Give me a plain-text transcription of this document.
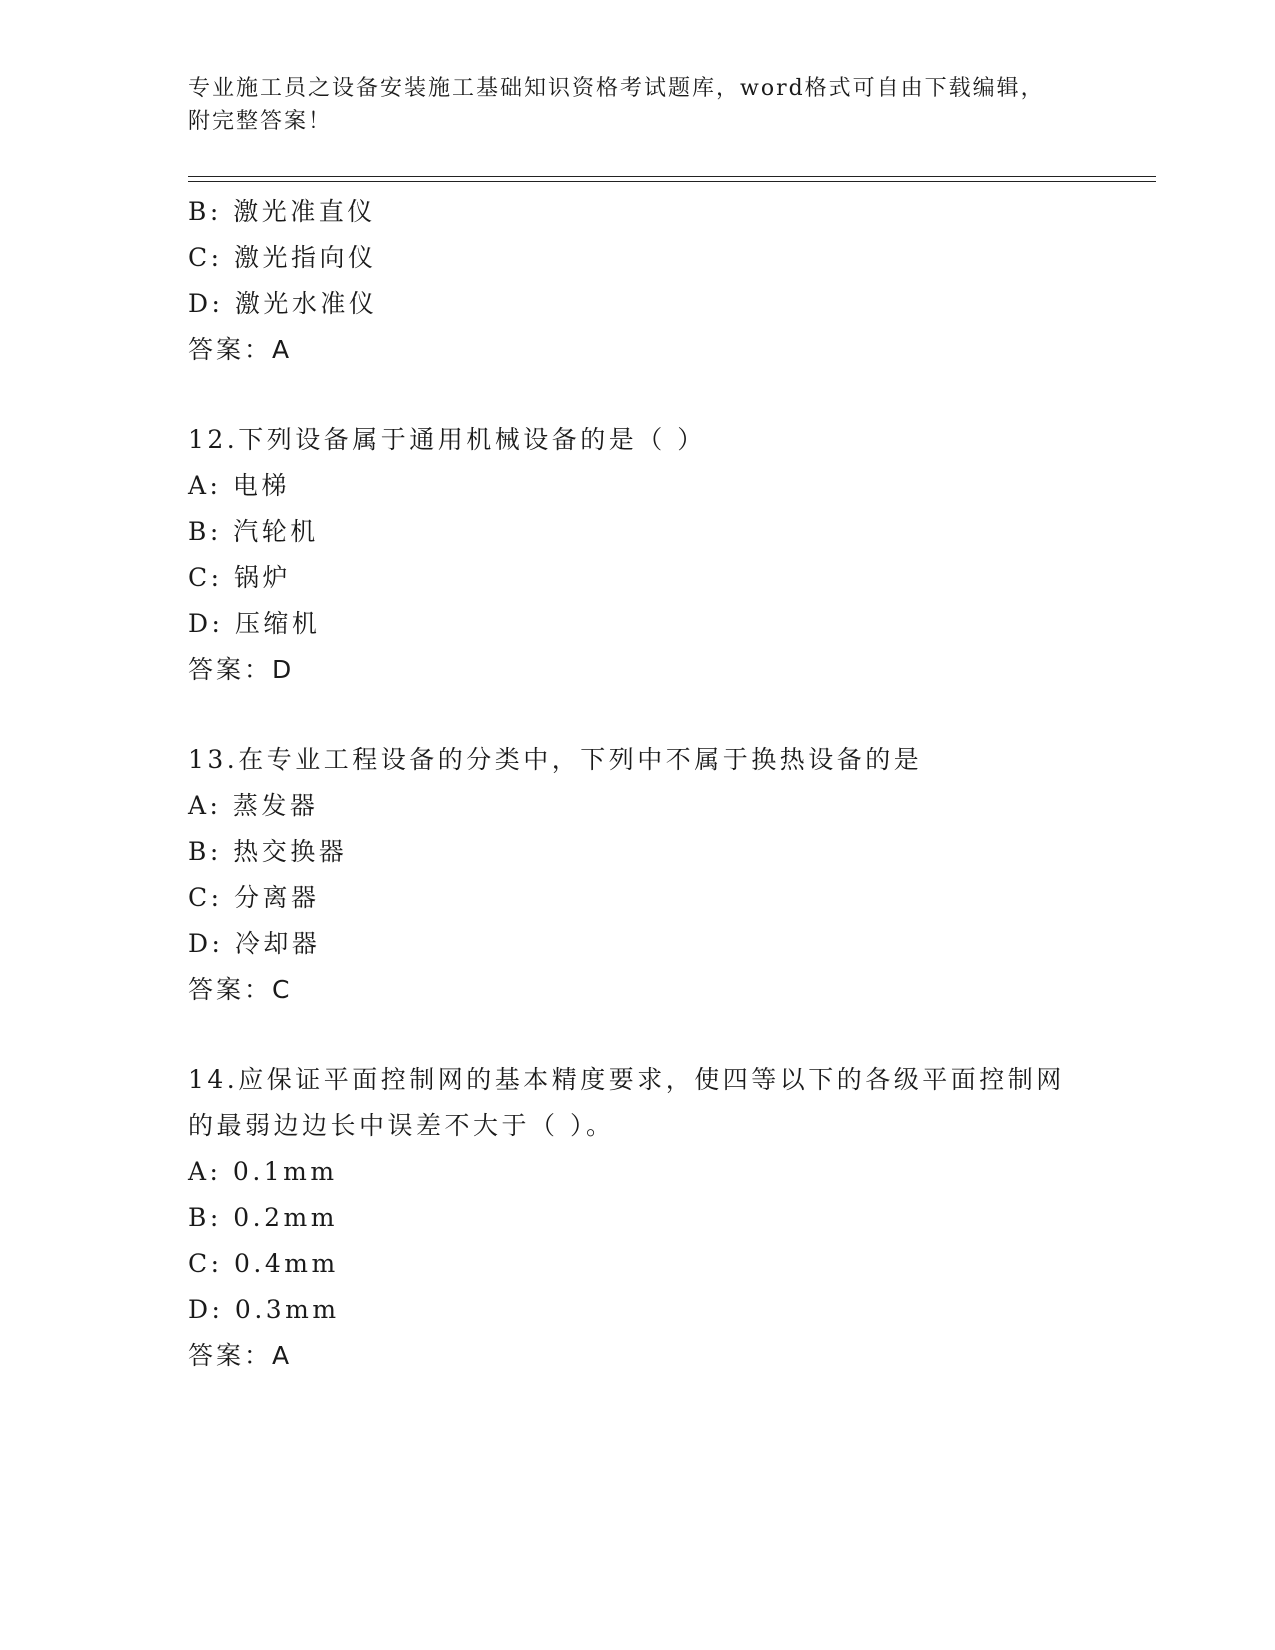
专业施工员之设备安装施工基础知识资格考试题库，word格式可自由下载编辑，
附完整答案！
B: 激光准直仪
C: 激光指向仪
D: 激光水准仪
答案：A
12.下列设备属于通用机械设备的是（ ）
A: 电梯
B: 汽轮机
C: 锅炉
D: 压缩机
答案：D
13.在专业工程设备的分类中，下列中不属于换热设备的是
A: 蒸发器
B: 热交换器
C: 分离器
D: 冷却器
答案：C
14.应保证平面控制网的基本精度要求，使四等以下的各级平面控制网
的最弱边边长中误差不大于（ ）。
A: 0.1mm
B: 0.2mm
C: 0.4mm
D: 0.3mm
答案：A
